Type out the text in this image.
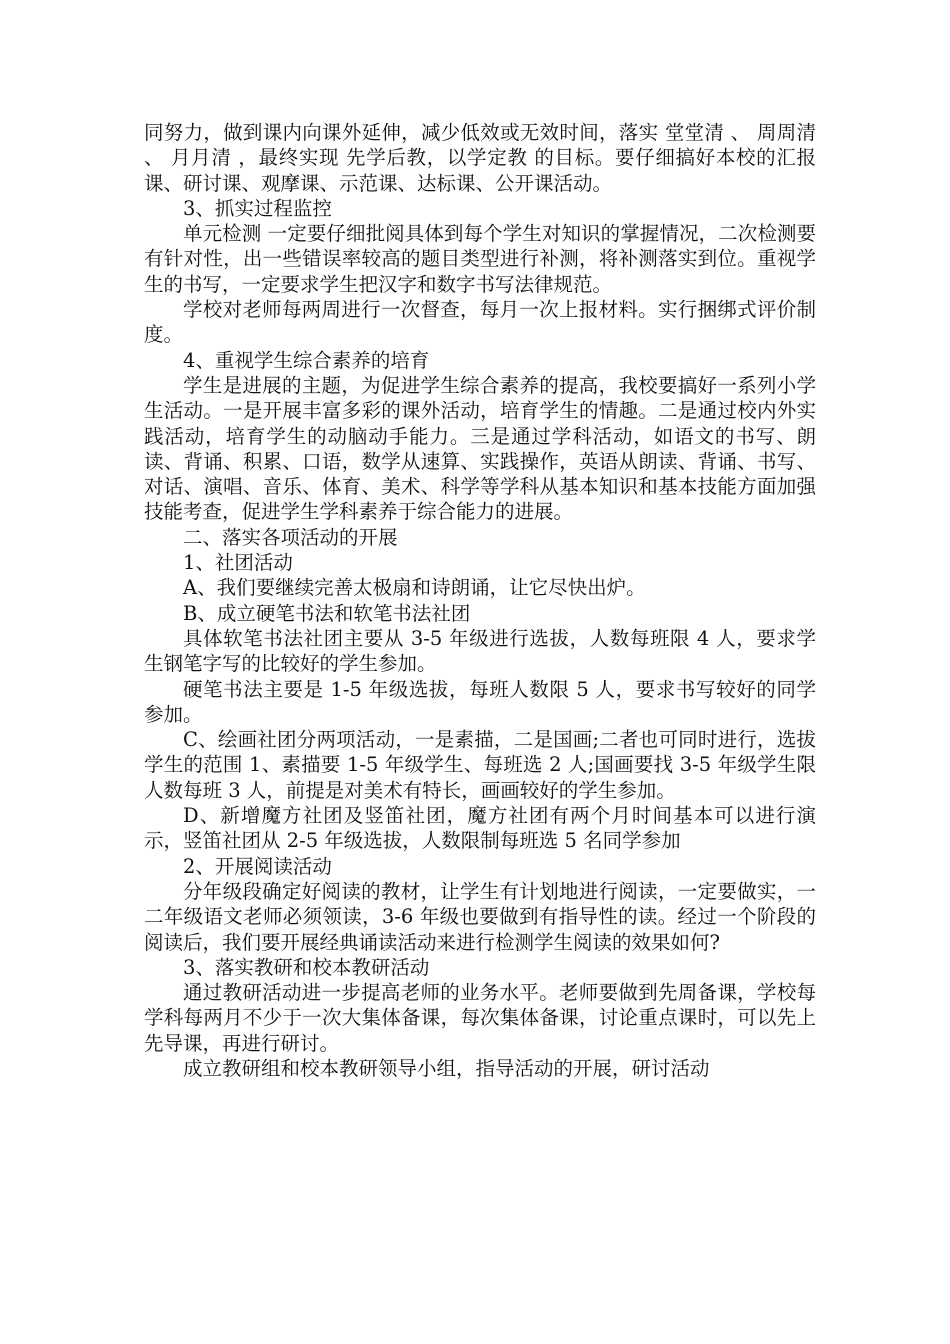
同努力，做到课内向课外延伸，减少低效或无效时间，落实 堂堂清 、 周周清 、 月月清 ，最终实现 先学后教，以学定教 的目标。要仔细搞好本校的汇报课、研讨课、观摩课、示范课、达标课、公开课活动。

3、抓实过程监控

单元检测 一定要仔细批阅具体到每个学生对知识的掌握情况，二次检测要有针对性，出一些错误率较高的题目类型进行补测，将补测落实到位。重视学生的书写，一定要求学生把汉字和数字书写法律规范。

学校对老师每两周进行一次督查，每月一次上报材料。实行捆绑式评价制度。

4、重视学生综合素养的培育

学生是进展的主题，为促进学生综合素养的提高，我校要搞好一系列小学生活动。一是开展丰富多彩的课外活动，培育学生的情趣。二是通过校内外实践活动，培育学生的动脑动手能力。三是通过学科活动，如语文的书写、朗读、背诵、积累、口语，数学从速算、实践操作，英语从朗读、背诵、书写、对话、演唱、音乐、体育、美术、科学等学科从基本知识和基本技能方面加强技能考查，促进学生学科素养于综合能力的进展。

二、落实各项活动的开展

1、社团活动

A、我们要继续完善太极扇和诗朗诵，让它尽快出炉。

B、成立硬笔书法和软笔书法社团

具体软笔书法社团主要从 3-5 年级进行选拔，人数每班限 4 人，要求学生钢笔字写的比较好的学生参加。

硬笔书法主要是 1-5 年级选拔，每班人数限 5 人，要求书写较好的同学参加。

C、绘画社团分两项活动，一是素描，二是国画;二者也可同时进行，选拔学生的范围 1、素描要 1-5 年级学生、每班选 2 人;国画要找 3-5 年级学生限人数每班 3 人，前提是对美术有特长，画画较好的学生参加。

D、新增魔方社团及竖笛社团，魔方社团有两个月时间基本可以进行演示，竖笛社团从 2-5 年级选拔，人数限制每班选 5 名同学参加

2、开展阅读活动

分年级段确定好阅读的教材，让学生有计划地进行阅读，一定要做实，一二年级语文老师必须领读，3-6 年级也要做到有指导性的读。经过一个阶段的阅读后，我们要开展经典诵读活动来进行检测学生阅读的效果如何?

3、落实教研和校本教研活动

通过教研活动进一步提高老师的业务水平。老师要做到先周备课，学校每学科每两月不少于一次大集体备课，每次集体备课，讨论重点课时，可以先上先导课，再进行研讨。

成立教研组和校本教研领导小组，指导活动的开展，研讨活动
